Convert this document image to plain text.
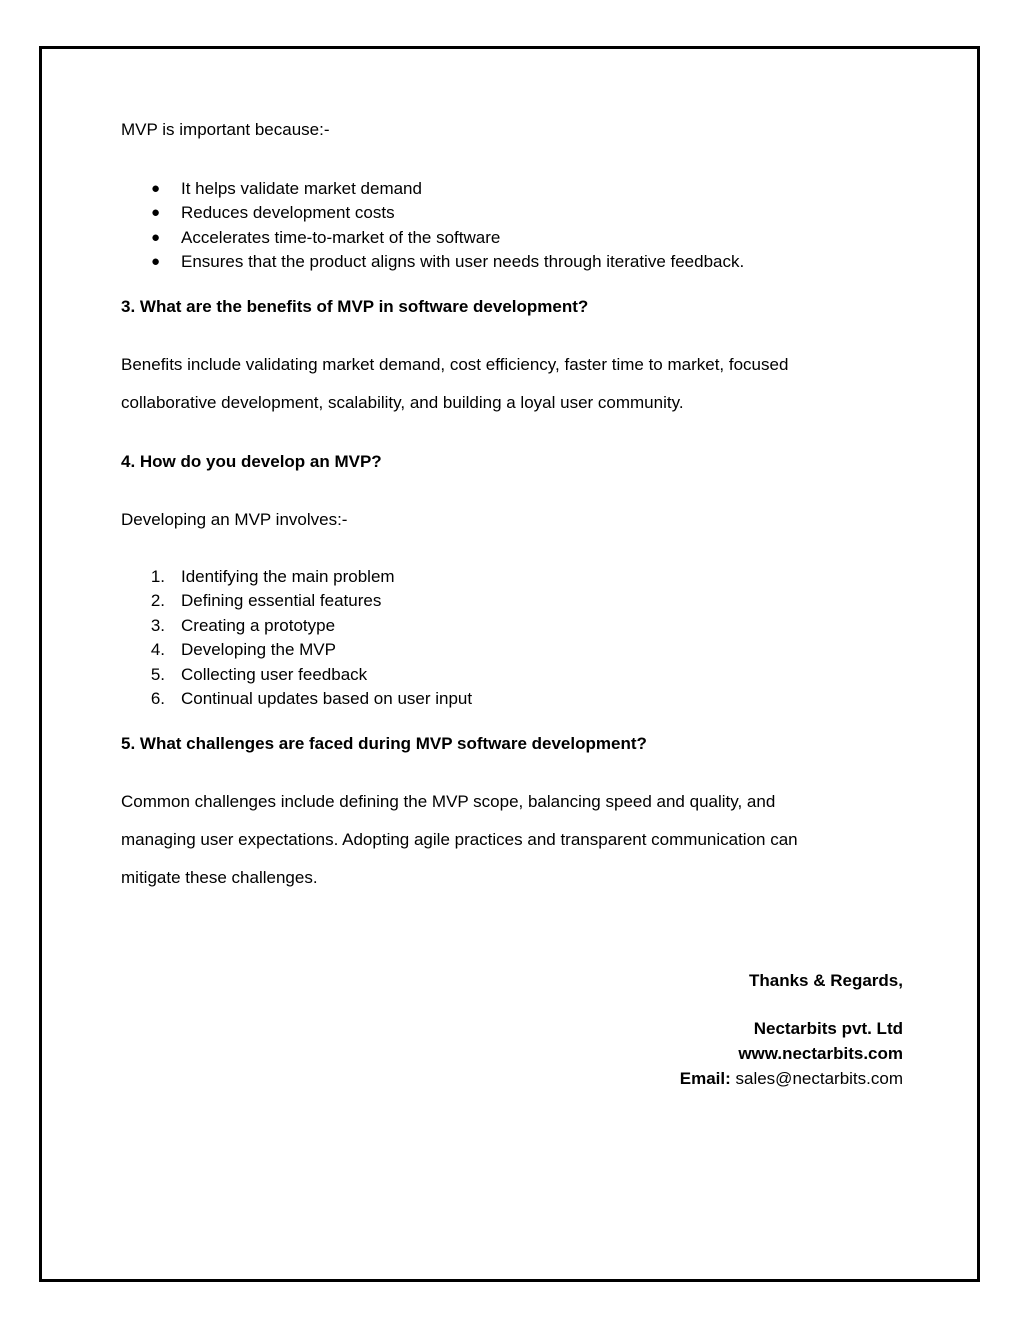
MVP is important because:-

● It helps validate market demand
● Reduces development costs
● Accelerates time-to-market of the software
● Ensures that the product aligns with user needs through iterative feedback.

3. What are the benefits of MVP in software development?

Benefits include validating market demand, cost efficiency, faster time to market, focused

collaborative development, scalability, and building a loyal user community.

4. How do you develop an MVP?

Developing an MVP involves:-

1. Identifying the main problem
2. Defining essential features
3. Creating a prototype
4. Developing the MVP
5. Collecting user feedback
6. Continual updates based on user input

5. What challenges are faced during MVP software development?

Common challenges include defining the MVP scope, balancing speed and quality, and

managing user expectations. Adopting agile practices and transparent communication can

mitigate these challenges.

Thanks & Regards,
Nectarbits pvt. Ltd
www.nectarbits.com
Email: sales@nectarbits.com
